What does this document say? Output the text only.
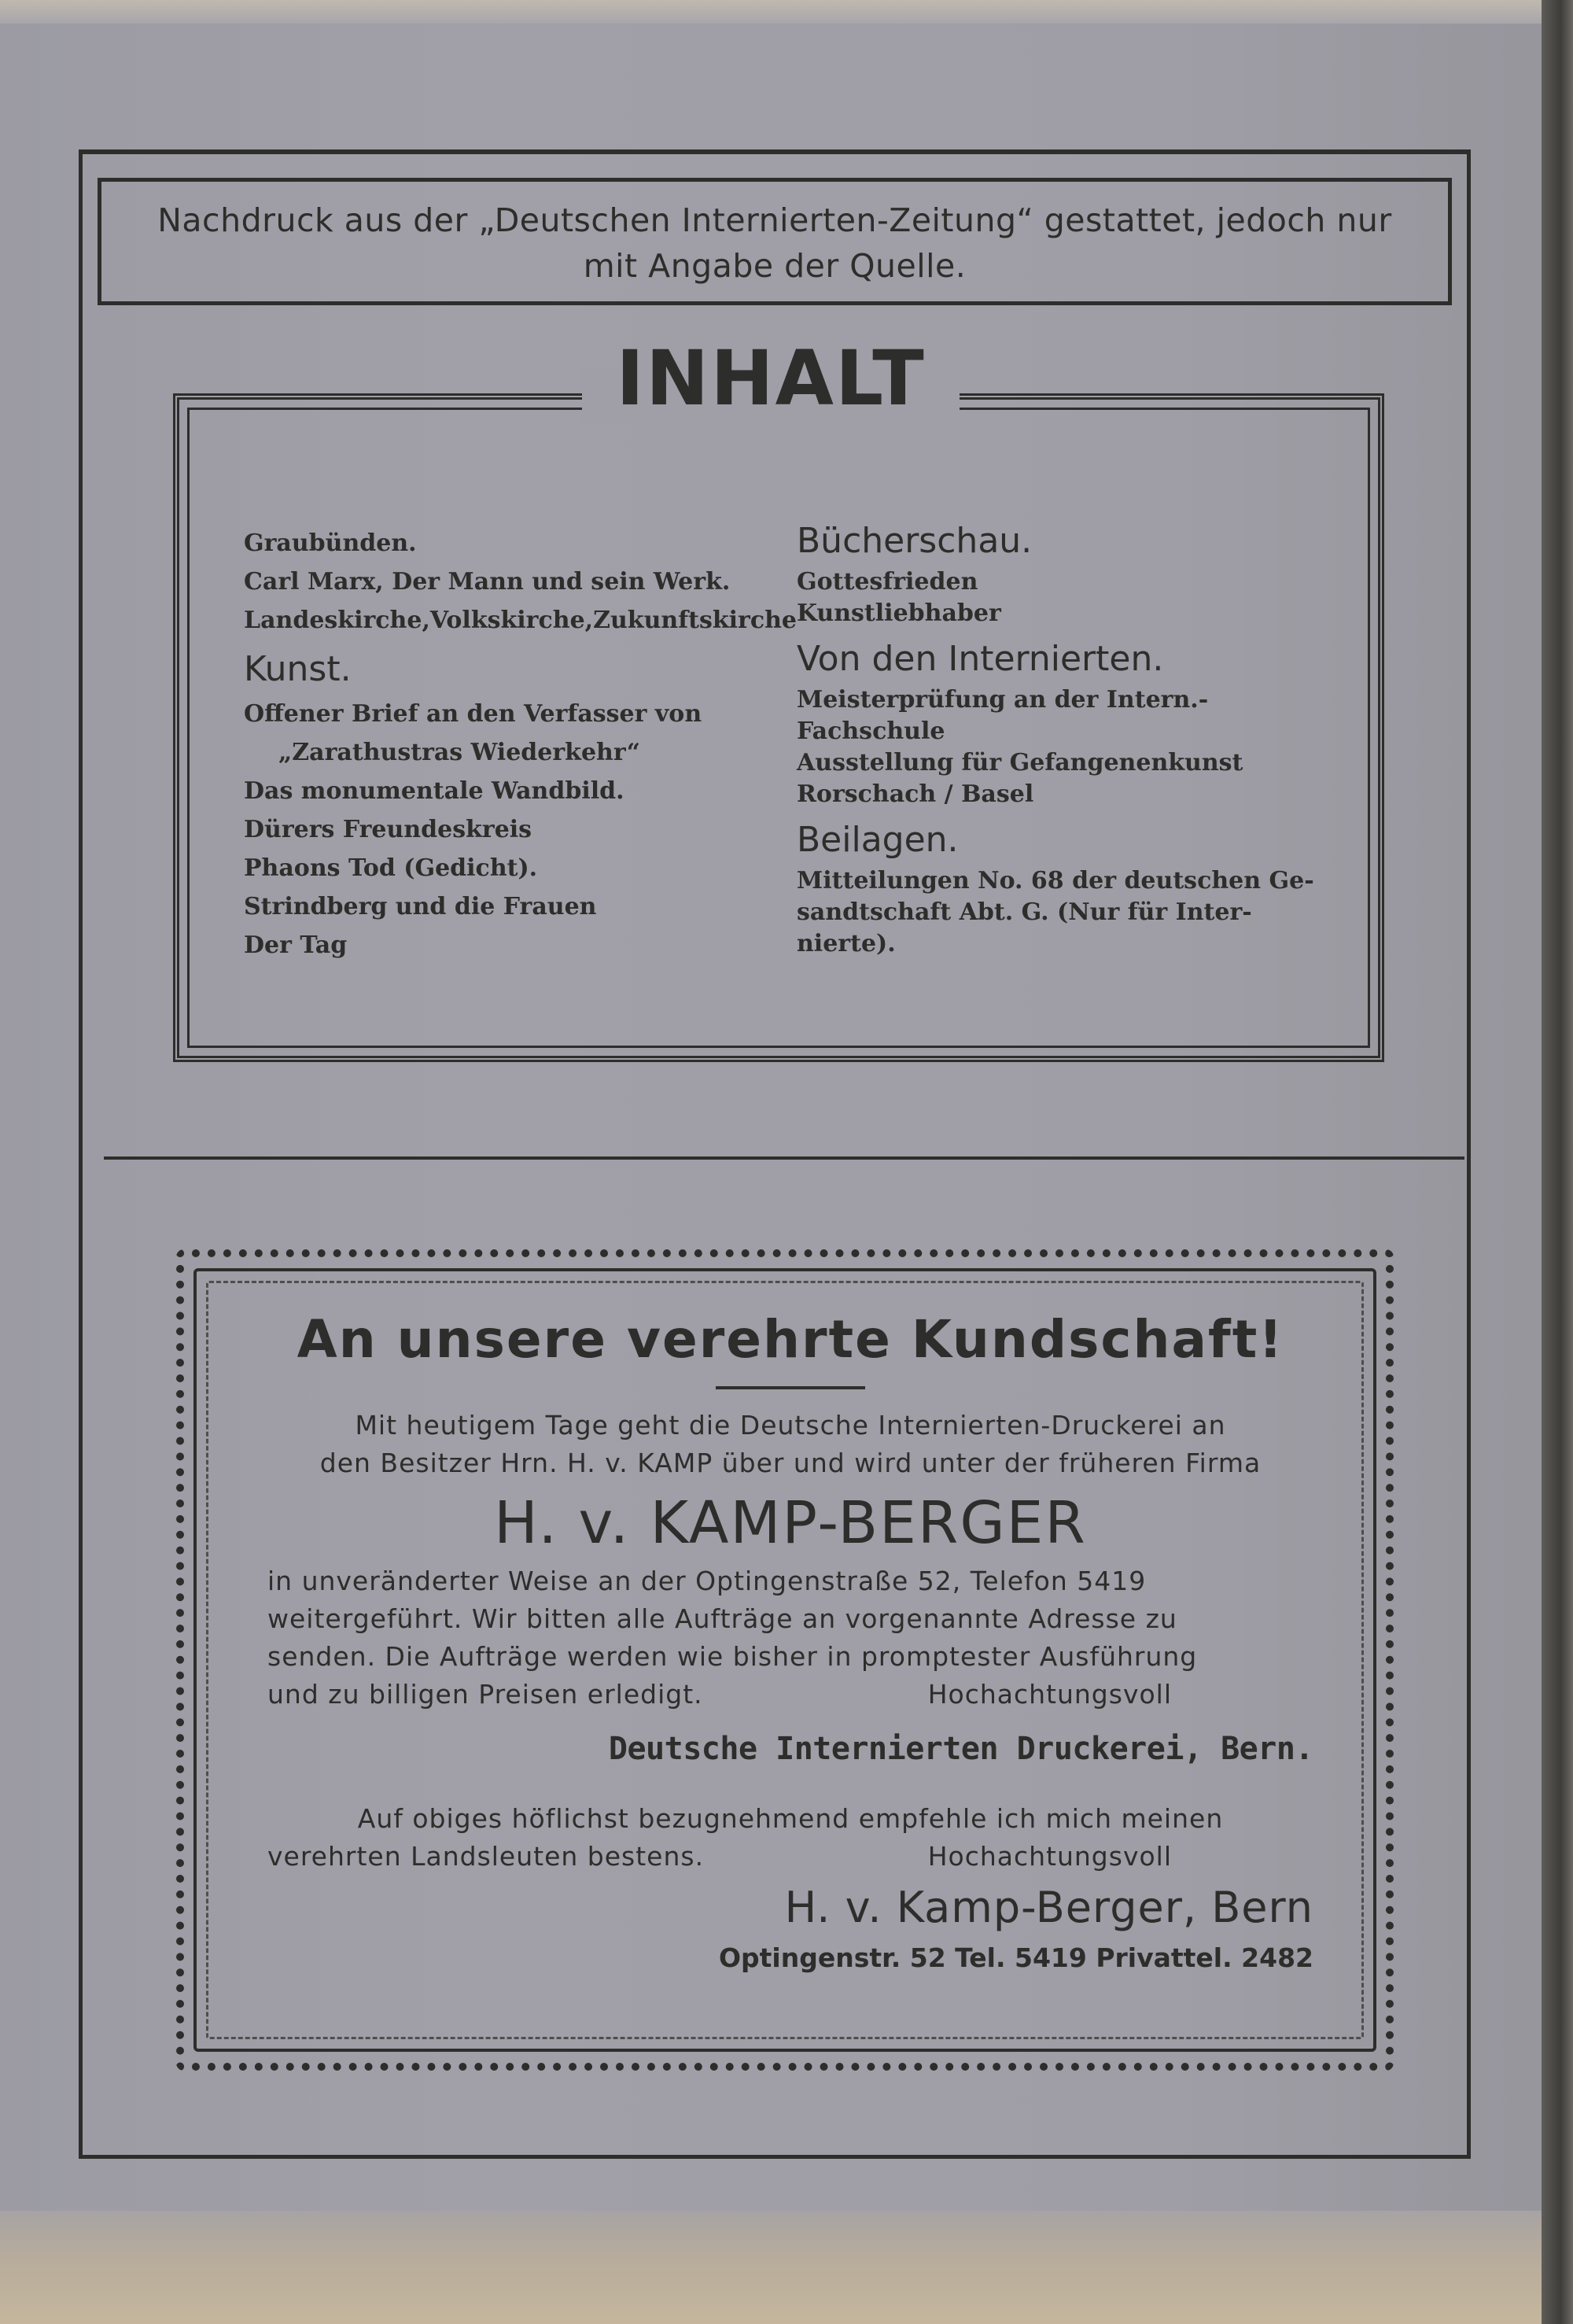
Nachdruck aus der „Deutschen Internierten-Zeitung“ gestattet, jedoch nur
mit Angabe der Quelle.
INHALT
Graubünden.
Carl Marx, Der Mann und sein Werk.
Landeskirche,Volkskirche,Zukunftskirche
Kunst.
Offener Brief an den Verfasser von
„Zarathustras Wiederkehr“
Das monumentale Wandbild.
Dürers Freundeskreis
Phaons Tod (Gedicht).
Strindberg und die Frauen
Der Tag
Bücherschau.
Gottesfrieden
Kunstliebhaber
Von den Internierten.
Meisterprüfung an der Intern.-Fachschule
Ausstellung für Gefangenenkunst
Rorschach / Basel
Beilagen.
Mitteilungen No. 68 der deutschen Ge-
sandtschaft Abt. G. (Nur für Inter-
nierte).
An unsere verehrte Kundschaft!

Mit heutigem Tage geht die Deutsche Internierten-Druckerei an

den Besitzer Hrn. H. v. KAMP über und wird unter der früheren Firma

H. v. KAMP-BERGER

in unveränderter Weise an der Optingenstraße 52, Telefon 5419

weitergeführt. Wir bitten alle Aufträge an vorgenannte Adresse zu

senden. Die Aufträge werden wie bisher in promptester Ausführung

und zu billigen Preisen erledigt.	Hochachtungsvoll

Deutsche Internierten Druckerei, Bern.

Auf obiges höflichst bezugnehmend empfehle ich mich meinen

verehrten Landsleuten bestens.	Hochachtungsvoll

H. v. Kamp-Berger, Bern

Optingenstr. 52 Tel. 5419 Privattel. 2482
